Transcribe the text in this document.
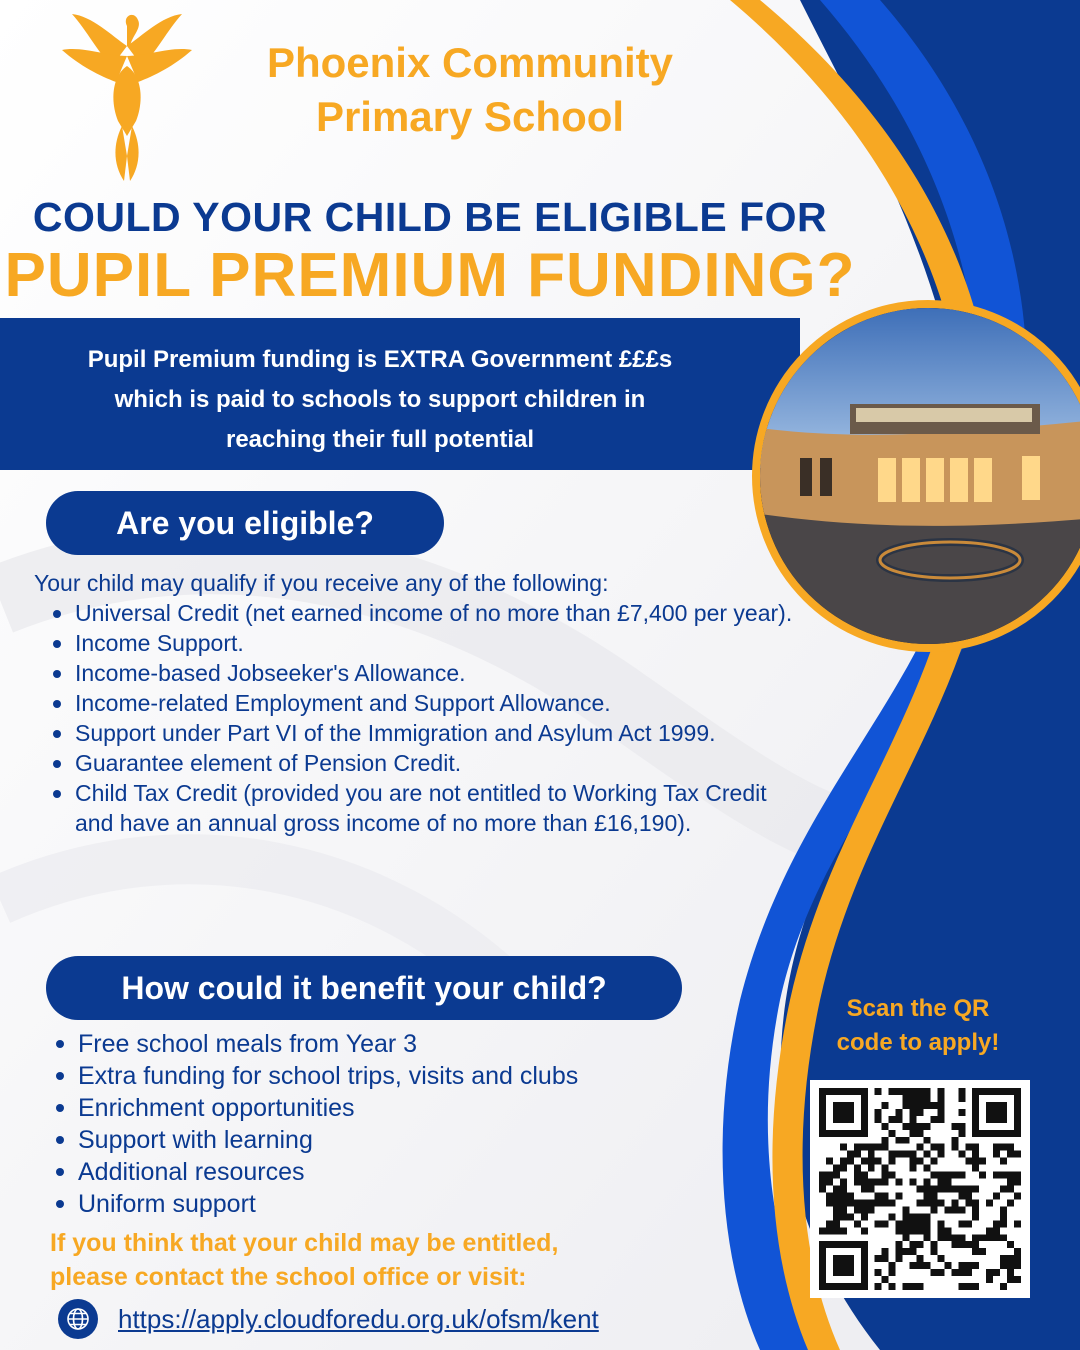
Phoenix Community
Primary School
COULD YOUR CHILD BE ELIGIBLE FOR
PUPIL PREMIUM FUNDING?
Pupil Premium funding is EXTRA Government £££s
which is paid to schools to support children in
reaching their full potential
Are you eligible?
Your child may qualify if you receive any of the following:
Universal Credit (net earned income of no more than £7,400 per year).
Income Support.
Income-based Jobseeker's Allowance.
Income-related Employment and Support Allowance.
Support under Part VI of the Immigration and Asylum Act 1999.
Guarantee element of Pension Credit.
Child Tax Credit (provided you are not entitled to Working Tax Credit and have an annual gross income of no more than £16,190).
How could it benefit your child?
Free school meals from Year 3
Extra funding for school trips, visits and clubs
Enrichment opportunities
Support with learning
Additional resources
Uniform support
If you think that your child may be entitled,
please contact the school office or visit:
https://apply.cloudforedu.org.uk/ofsm/kent
Scan the QR
code to apply!
